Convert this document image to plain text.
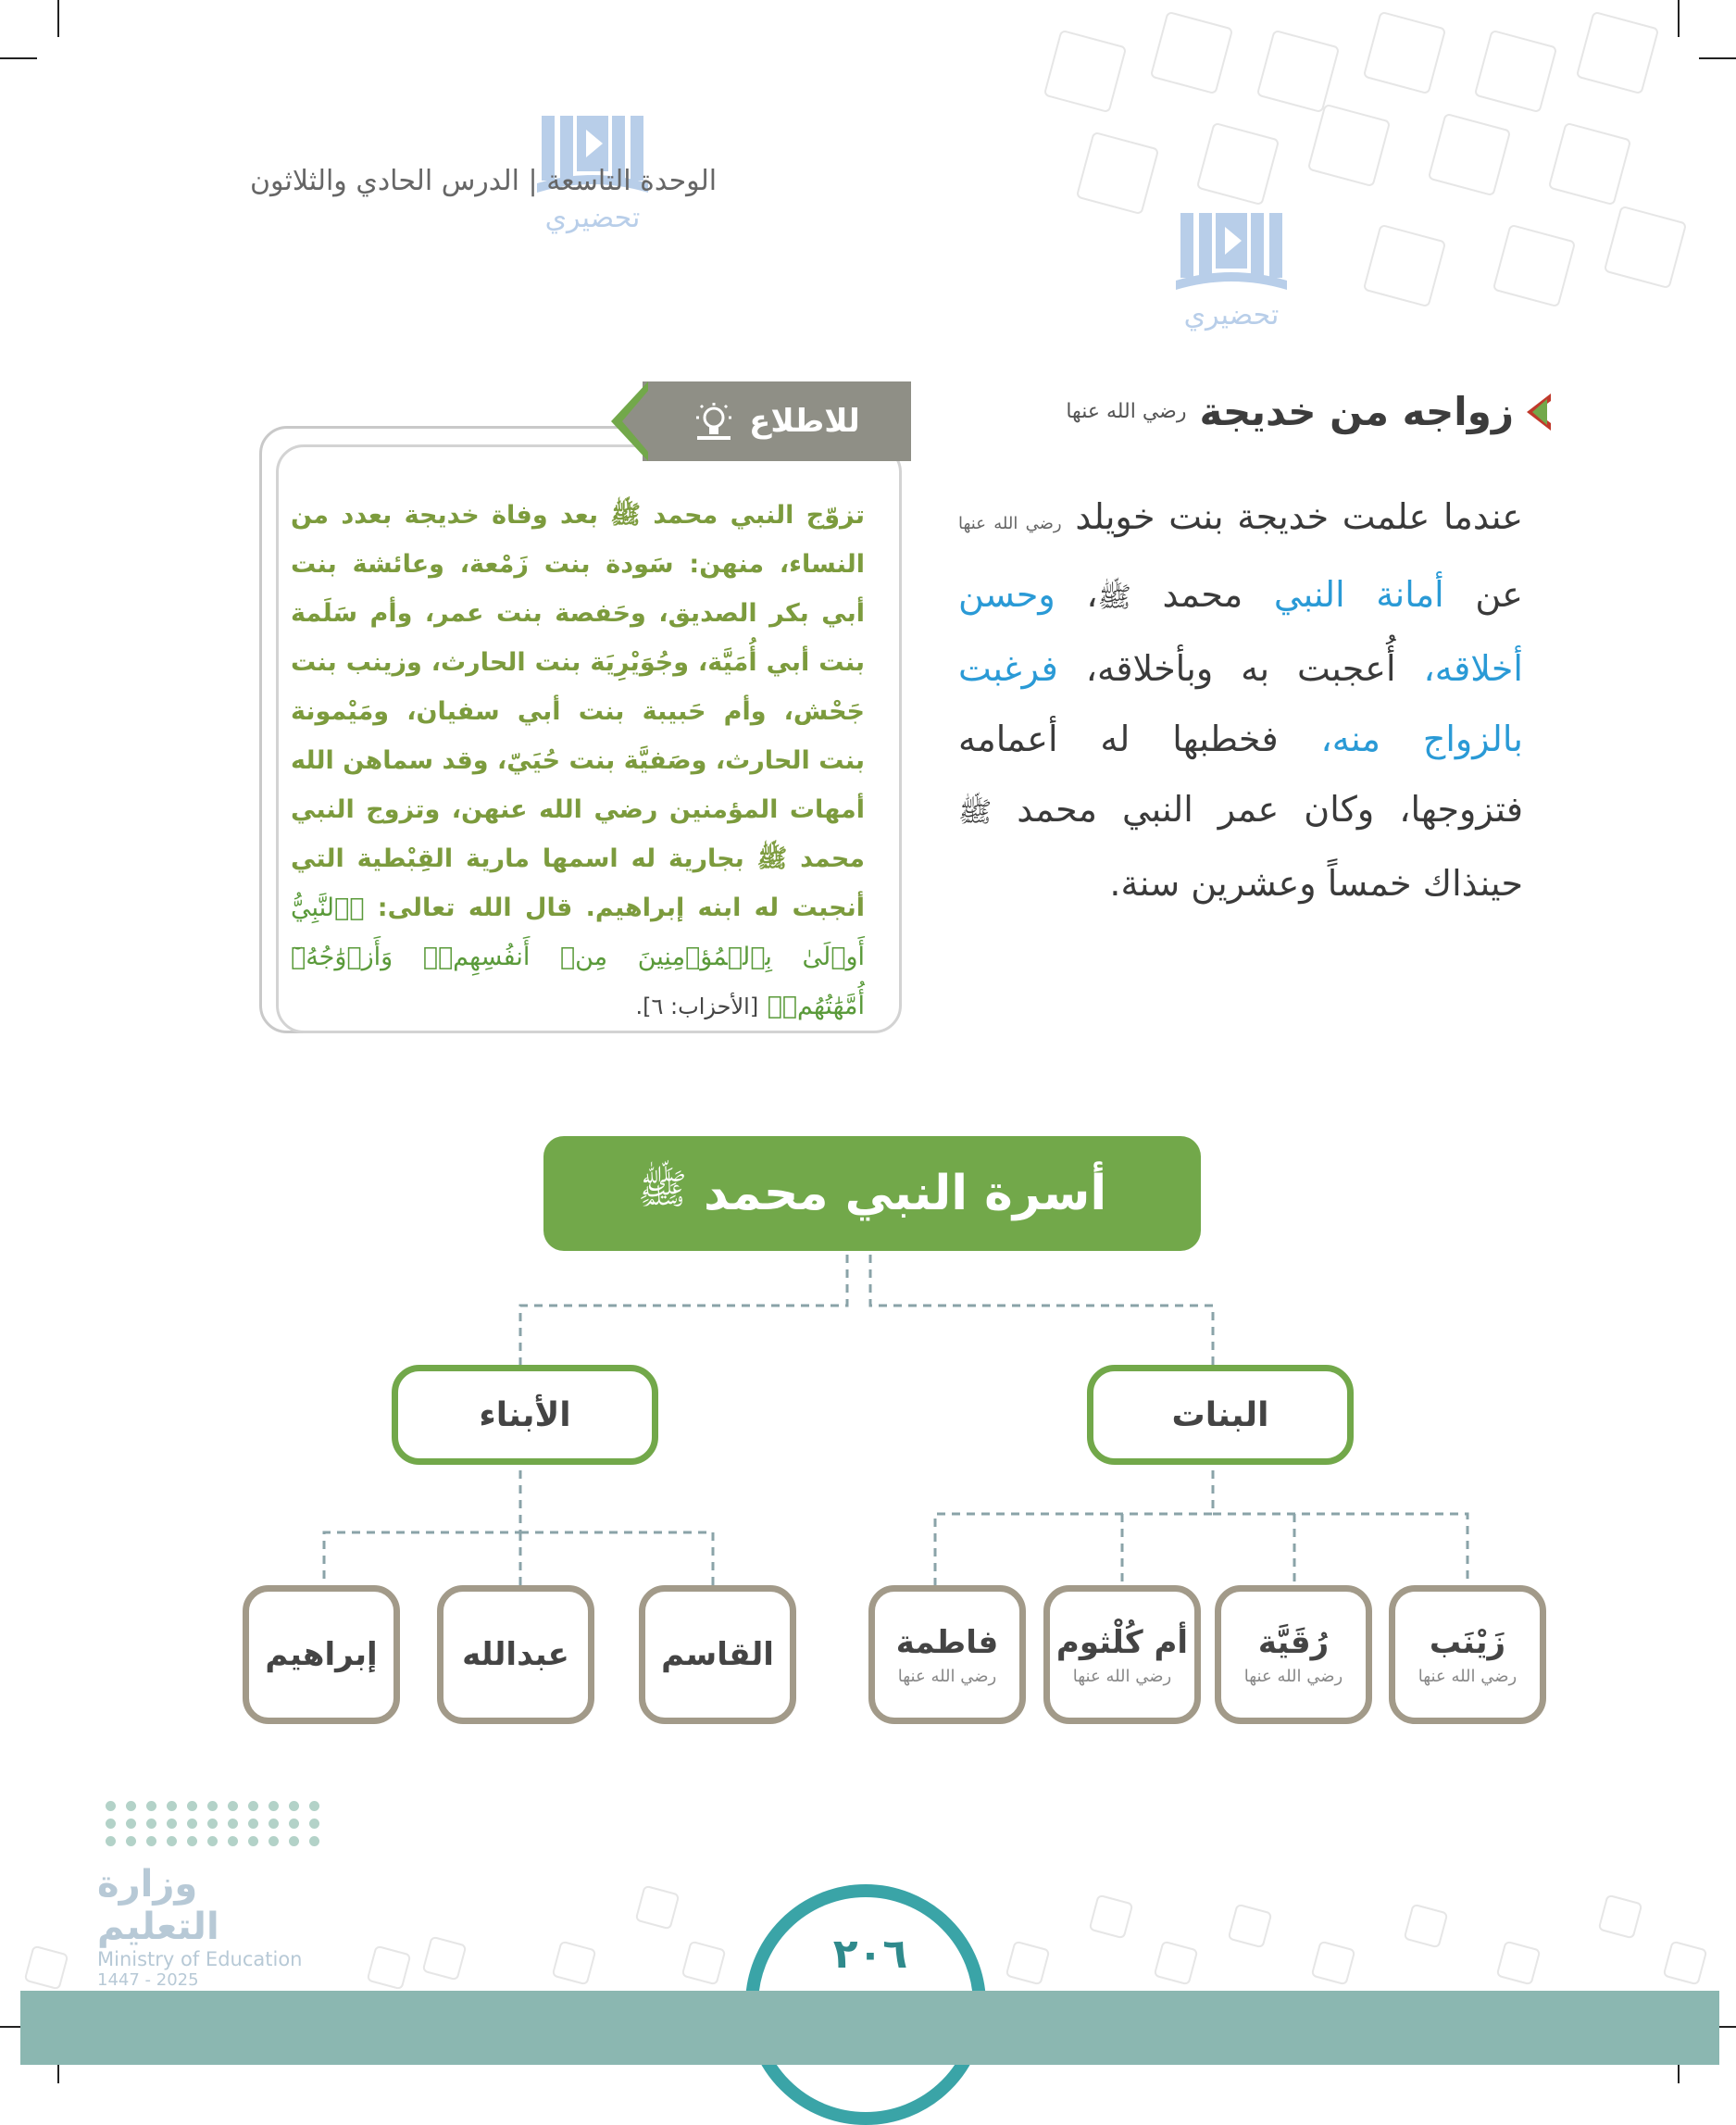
تحضيري
تحضيري
الوحدة التاسعة | الدرس الحادي والثلاثون
زواجه من خديجة
رضي الله عنها
عندما علمت خديجة بنت خويلد رضي الله عنها عن أمانة النبي محمد ﷺ، وحسن أخلاقه، أُعجبت به وبأخلاقه، فرغبت بالزواج منه، فخطبها له أعمامه فتزوجها، وكان عمر النبي محمد ﷺ حينذاك خمساً وعشرين سنة.
للاطلاع
تزوّج النبي محمد ﷺ بعد وفاة خديجة بعدد من النساء، منهن: سَودة بنت زَمْعة، وعائشة بنت أبي بكر الصديق، وحَفصة بنت عمر، وأم سَلَمة بنت أبي أُمَيَّة، وجُوَيْرِيَة بنت الحارث، وزينب بنت جَحْش، وأم حَبيبة بنت أبي سفيان، ومَيْمونة بنت الحارث، وصَفيَّة بنت حُيَيّ، وقد سماهن الله أمهات المؤمنين رضي الله عنهن، وتزوج النبي محمد ﷺ بجارية له اسمها مارية القِبْطية التي أنجبت له ابنه إبراهيم. قال الله تعالى: ﴿ٱلنَّبِيُّ أَوۡلَىٰ بِٱلۡمُؤۡمِنِينَ مِنۡ أَنفُسِهِمۡۖ وَأَزۡوَٰجُهُۥٓ أُمَّهَٰتُهُمۡ﴾ [الأحزاب: ٦].
أسرة النبي محمد
ﷺ
البنات
الأبناء
زَيْنَب
رضي الله عنها
رُقَيَّة
رضي الله عنها
أم كُلْثوم
رضي الله عنها
فاطمة
رضي الله عنها
القاسم
عبدالله
إبراهيم
٢٠٦
وزارة التعليم
Ministry of Education
2025 - 1447
